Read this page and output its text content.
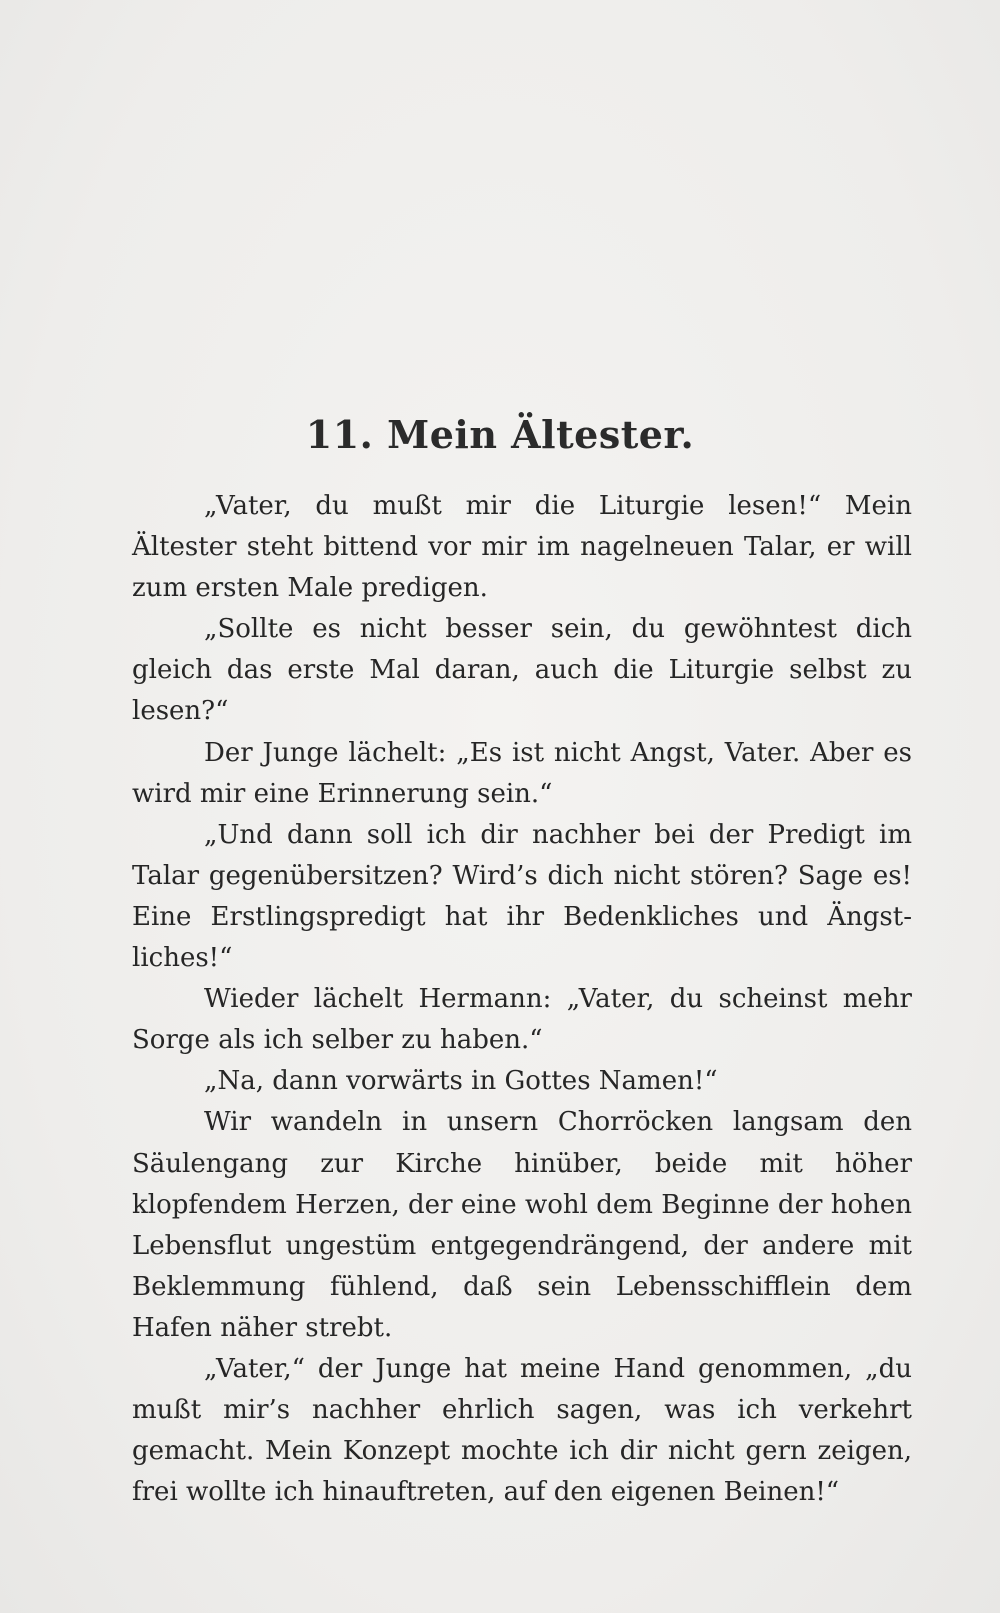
11. Mein Ältester.

„Vater, du mußt mir die Liturgie lesen!“ Mein Ältester steht bittend vor mir im nagelneuen Talar, er will zum ersten Male predigen.

„Sollte es nicht besser sein, du gewöhntest dich gleich das erste Mal daran, auch die Liturgie selbst zu lesen?“

Der Junge lächelt: „Es ist nicht Angst, Vater. Aber es wird mir eine Erinnerung sein.“

„Und dann soll ich dir nachher bei der Predigt im Talar gegenübersitzen? Wird’s dich nicht stören? Sage es! Eine Erstlingspredigt hat ihr Bedenkliches und Ängstliches!“

Wieder lächelt Hermann: „Vater, du scheinst mehr Sorge als ich selber zu haben.“

„Na, dann vorwärts in Gottes Namen!“

Wir wandeln in unsern Chorröcken langsam den Säulengang zur Kirche hinüber, beide mit höher klopfendem Herzen, der eine wohl dem Beginne der hohen Lebensflut ungestüm entgegendrängend, der andere mit Beklemmung fühlend, daß sein Lebensschifflein dem Hafen näher strebt.

„Vater,“ der Junge hat meine Hand genommen, „du mußt mir’s nachher ehrlich sagen, was ich verkehrt gemacht. Mein Konzept mochte ich dir nicht gern zeigen, frei wollte ich hinauftreten, auf den eigenen Beinen!“
